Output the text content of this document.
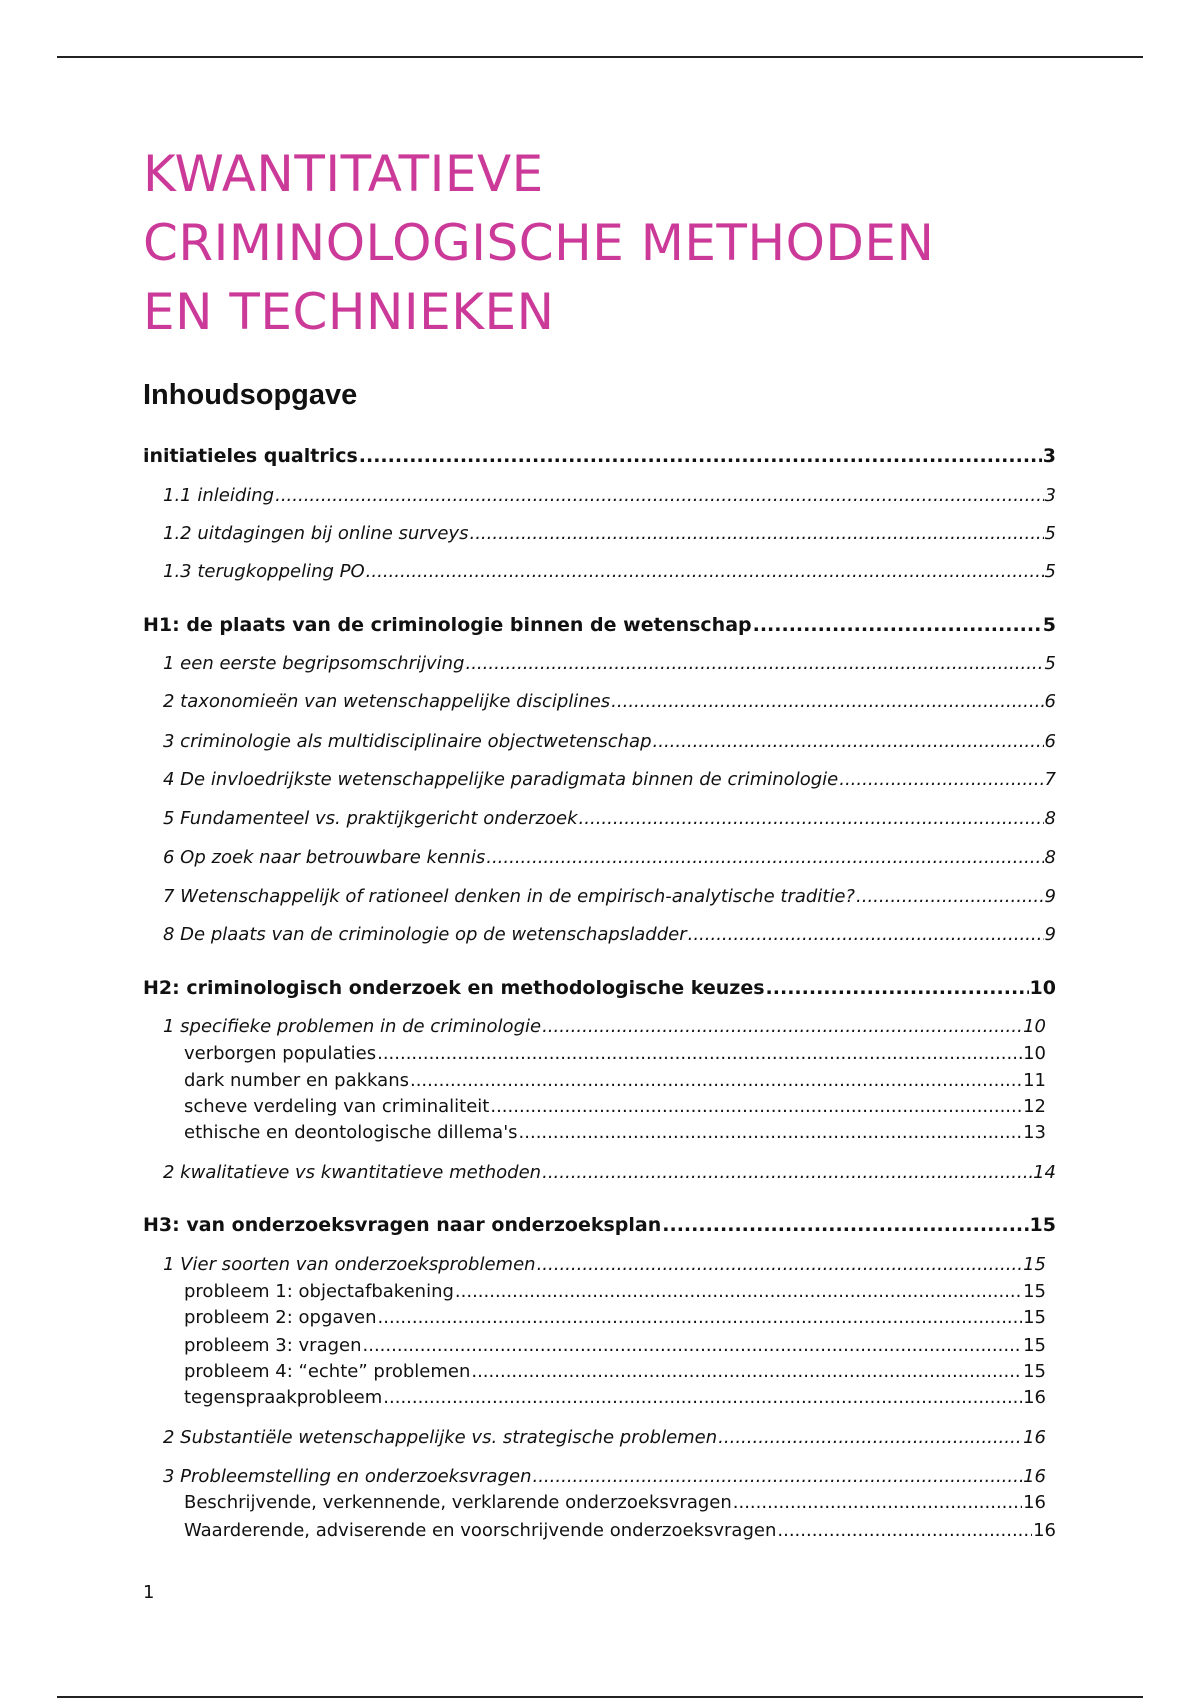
KWANTITATIEVE
CRIMINOLOGISCHE METHODEN
EN TECHNIEKEN
Inhoudsopgave
initiatieles qualtrics .....	3
1.1 inleiding .....	3
1.2 uitdagingen bij online surveys .....	5
1.3 terugkoppeling PO .....	5
H1: de plaats van de criminologie binnen de wetenschap .....	5
1 een eerste begripsomschrijving .....	5
2 taxonomieën van wetenschappelijke disciplines .....	6
3 criminologie als multidisciplinaire objectwetenschap .....	6
4 De invloedrijkste wetenschappelijke paradigmata binnen de criminologie .....	7
5 Fundamenteel vs. praktijkgericht onderzoek .....	8
6 Op zoek naar betrouwbare kennis .....	8
7 Wetenschappelijk of rationeel denken in de empirisch-analytische traditie? .....	9
8 De plaats van de criminologie op de wetenschapsladder .....	9
H2: criminologisch onderzoek en methodologische keuzes .....	10
1 specifieke problemen in de criminologie .....	10
verborgen populaties .....	10
dark number en pakkans .....	11
scheve verdeling van criminaliteit .....	12
ethische en deontologische dillema's .....	13
2 kwalitatieve vs kwantitatieve methoden .....	14
H3: van onderzoeksvragen naar onderzoeksplan .....	15
1 Vier soorten van onderzoeksproblemen .....	15
probleem 1: objectafbakening .....	15
probleem 2: opgaven .....	15
probleem 3: vragen .....	15
probleem 4: “echte” problemen .....	15
tegenspraakprobleem .....	16
2 Substantiële wetenschappelijke vs. strategische problemen .....	16
3 Probleemstelling en onderzoeksvragen .....	16
Beschrijvende, verkennende, verklarende onderzoeksvragen .....	16
Waarderende, adviserende en voorschrijvende onderzoeksvragen .....	16
1
